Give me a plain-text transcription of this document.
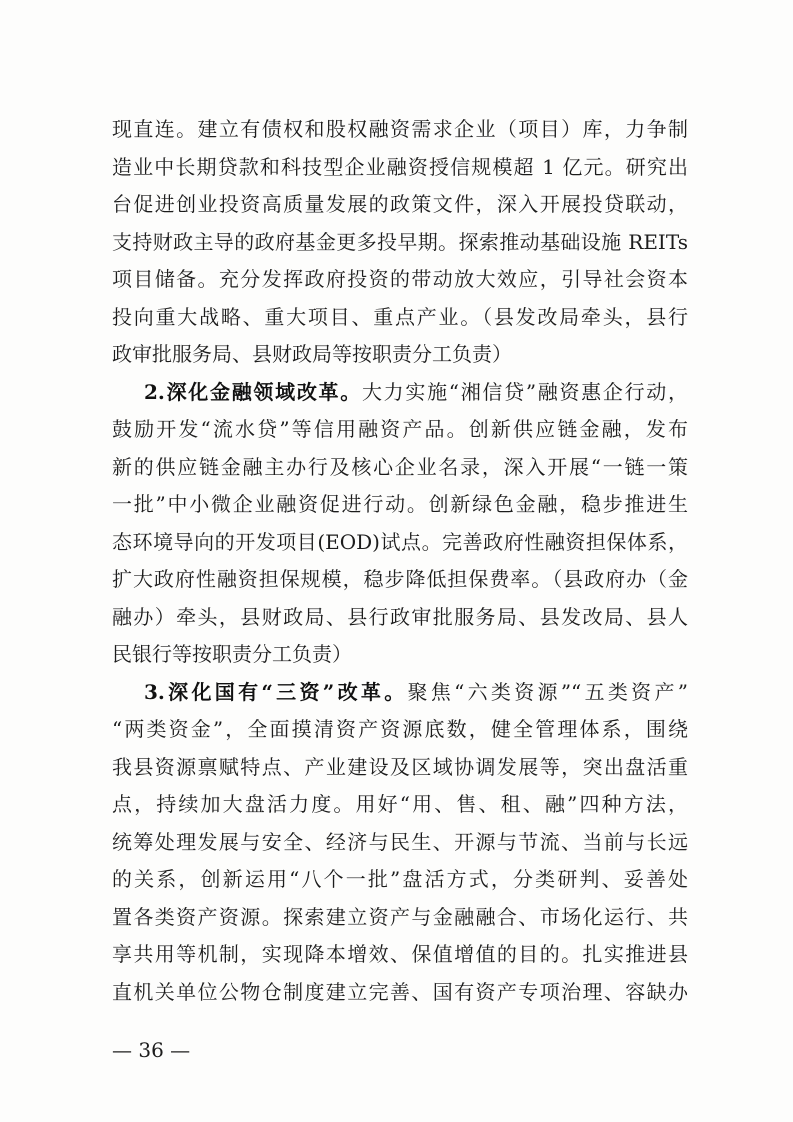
现直连。建立有债权和股权融资需求企业（项目）库，力争制
造业中长期贷款和科技型企业融资授信规模超 1 亿元。研究出
台促进创业投资高质量发展的政策文件，深入开展投贷联动，
支持财政主导的政府基金更多投早期。探索推动基础设施 REITs
项目储备。充分发挥政府投资的带动放大效应，引导社会资本
投向重大战略、重大项目、重点产业。（县发改局牵头，县行
政审批服务局、县财政局等按职责分工负责）
2.深化金融领域改革。大力实施“湘信贷”融资惠企行动，
鼓励开发“流水贷”等信用融资产品。创新供应链金融，发布
新的供应链金融主办行及核心企业名录，深入开展“一链一策
一批”中小微企业融资促进行动。创新绿色金融，稳步推进生
态环境导向的开发项目(EOD)试点。完善政府性融资担保体系，
扩大政府性融资担保规模，稳步降低担保费率。（县政府办（金
融办）牵头，县财政局、县行政审批服务局、县发改局、县人
民银行等按职责分工负责）
3.深化国有“三资”改革。聚焦“六类资源”“五类资产”
“两类资金”，全面摸清资产资源底数，健全管理体系，围绕
我县资源禀赋特点、产业建设及区域协调发展等，突出盘活重
点，持续加大盘活力度。用好“用、售、租、融”四种方法，
统筹处理发展与安全、经济与民生、开源与节流、当前与长远
的关系，创新运用“八个一批”盘活方式，分类研判、妥善处
置各类资产资源。探索建立资产与金融融合、市场化运行、共
享共用等机制，实现降本增效、保值增值的目的。扎实推进县
直机关单位公物仓制度建立完善、国有资产专项治理、容缺办
— 36 —
